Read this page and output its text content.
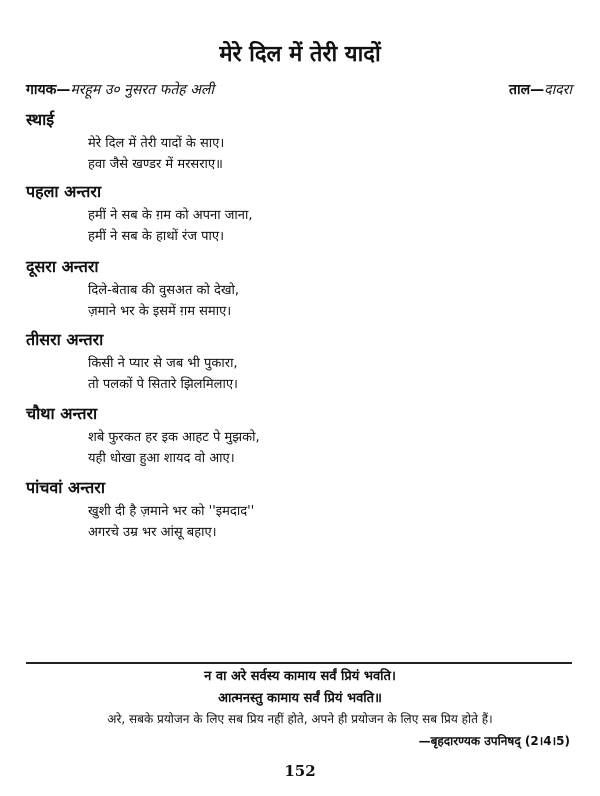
मेरे दिल में तेरी यादों
गायक—मरहूम उ० नुसरत फतेह अली	ताल—दादरा
स्थाई
मेरे दिल में तेरी यादों के साए।
हवा जैसे खण्डर में मरसराए॥
पहला अन्तरा
हमीं ने सब के ग़म को अपना जाना,
हमीं ने सब के हाथों रंज पाए।
दूसरा अन्तरा
दिले-बेताब की वुसअत को देखो,
ज़माने भर के इसमें ग़म समाए।
तीसरा अन्तरा
किसी ने प्यार से जब भी पुकारा,
तो पलकों पे सितारे झिलमिलाए।
चौथा अन्तरा
शबे फुरकत हर इक आहट पे मुझको,
यही धोखा हुआ शायद वो आए।
पांचवां अन्तरा
खुशी दी है ज़माने भर को ''इमदाद''
अगरचे उम्र भर आंसू बहाए।
न वा अरे सर्वस्य कामाय सर्वं प्रियं भवति।
आत्मनस्तु कामाय सर्वं प्रियं भवति॥
अरे, सबके प्रयोजन के लिए सब प्रिय नहीं होते, अपने ही प्रयोजन के लिए सब प्रिय होते हैं।
—बृहदारण्यक उपनिषद् (2।4।5)
152
